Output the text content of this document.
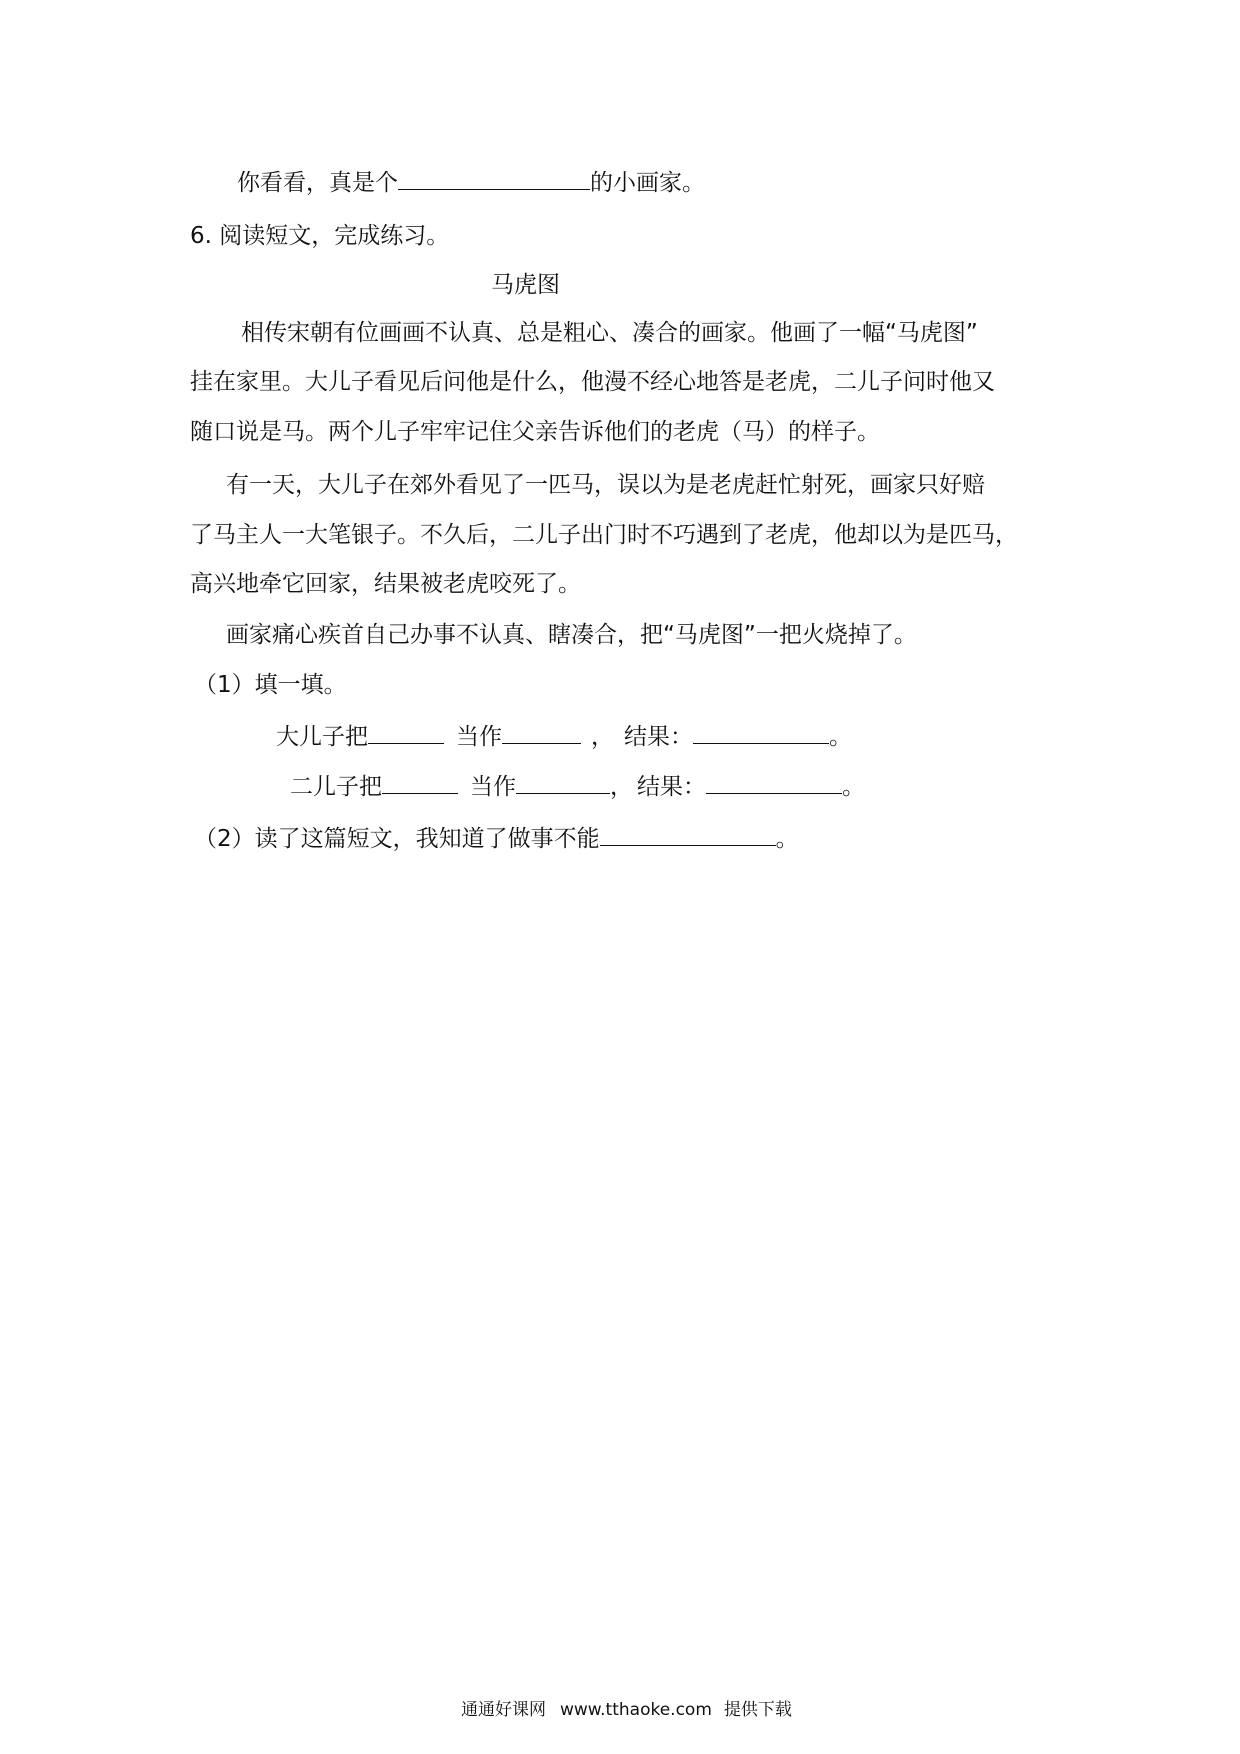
你看看，真是个	的小画家。
6. 阅读短文，完成练习。
马虎图
相传宋朝有位画画不认真、总是粗心、凑合的画家。他画了一幅“马虎图”
挂在家里。大儿子看见后问他是什么，他漫不经心地答是老虎，二儿子问时他又
随口说是马。两个儿子牢牢记住父亲告诉他们的老虎（马）的样子。
有一天，大儿子在郊外看见了一匹马，误以为是老虎赶忙射死，画家只好赔
了马主人一大笔银子。不久后，二儿子出门时不巧遇到了老虎，他却以为是匹马，
高兴地牵它回家，结果被老虎咬死了。
画家痛心疾首自己办事不认真、瞎凑合，把“马虎图”一把火烧掉了。
（1）填一填。
大儿子把	当作	， 结果：	。
二儿子把	当作	， 结果：	。
（2）读了这篇短文，我知道了做事不能	。
通通好课网 www.tthaoke.com 提供下载
